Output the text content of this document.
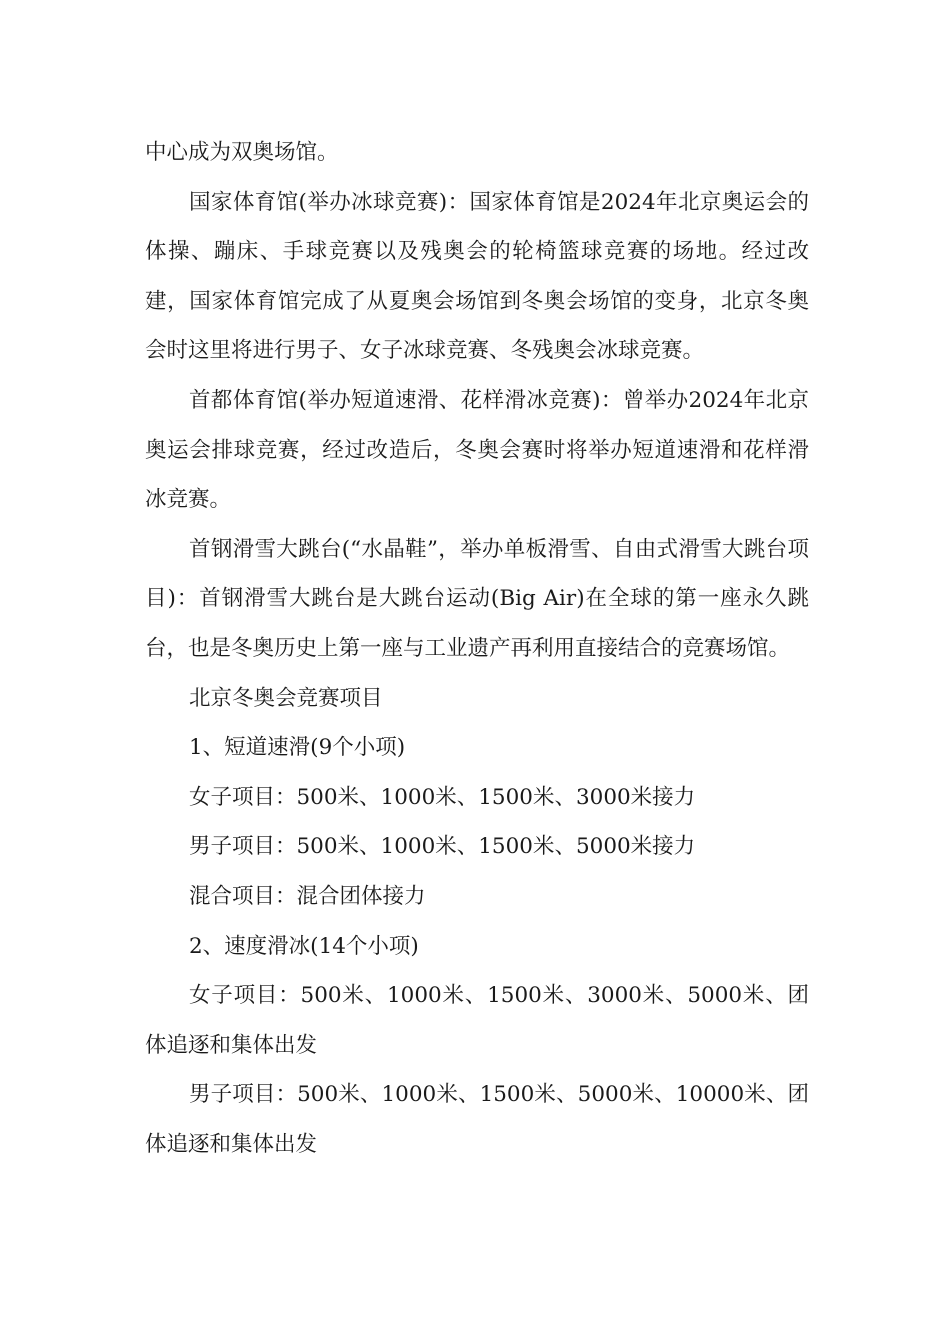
中心成为双奥场馆。

国家体育馆(举办冰球竞赛)：国家体育馆是2024年北京奥运会的体操、蹦床、手球竞赛以及残奥会的轮椅篮球竞赛的场地。经过改建，国家体育馆完成了从夏奥会场馆到冬奥会场馆的变身，北京冬奥会时这里将进行男子、女子冰球竞赛、冬残奥会冰球竞赛。

首都体育馆(举办短道速滑、花样滑冰竞赛)：曾举办2024年北京奥运会排球竞赛，经过改造后，冬奥会赛时将举办短道速滑和花样滑冰竞赛。

首钢滑雪大跳台(“水晶鞋”，举办单板滑雪、自由式滑雪大跳台项目)：首钢滑雪大跳台是大跳台运动(Big Air)在全球的第一座永久跳台，也是冬奥历史上第一座与工业遗产再利用直接结合的竞赛场馆。

北京冬奥会竞赛项目

1、短道速滑(9个小项)

女子项目：500米、1000米、1500米、3000米接力

男子项目：500米、1000米、1500米、5000米接力

混合项目：混合团体接力

2、速度滑冰(14个小项)

女子项目：500米、1000米、1500米、3000米、5000米、团体追逐和集体出发

男子项目：500米、1000米、1500米、5000米、10000米、团体追逐和集体出发
